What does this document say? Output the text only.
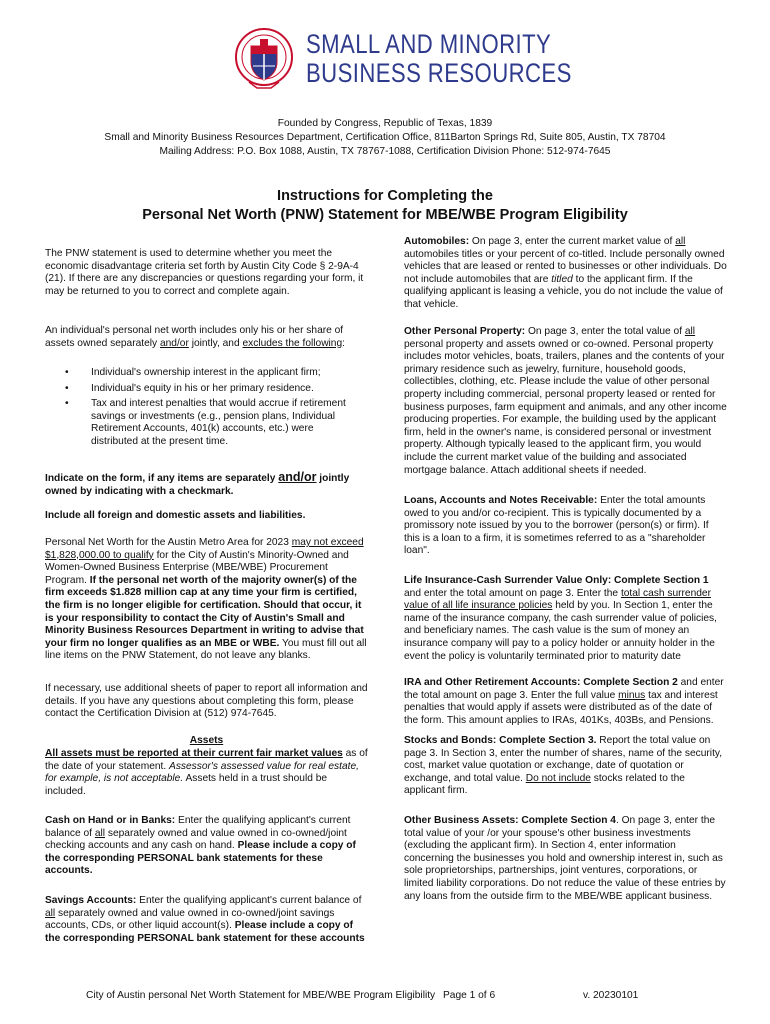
SMALL AND MINORITY
BUSINESS RESOURCES
Founded by Congress, Republic of Texas, 1839
Small and Minority Business Resources Department, Certification Office, 811Barton Springs Rd, Suite 805, Austin, TX 78704
Mailing Address: P.O. Box 1088, Austin, TX 78767-1088, Certification Division Phone: 512-974-7645
Instructions for Completing the
Personal Net Worth (PNW) Statement for MBE/WBE Program Eligibility

The PNW statement is used to determine whether you meet the economic disadvantage criteria set forth by Austin City Code § 2-9A-4 (21). If there are any discrepancies or questions regarding your form, it may be returned to you to correct and complete again.

An individual's personal net worth includes only his or her share of assets owned separately and/or jointly, and excludes the following:

• Individual's ownership interest in the applicant firm;
• Individual's equity in his or her primary residence.
• Tax and interest penalties that would accrue if retirement savings or investments (e.g., pension plans, Individual Retirement Accounts, 401(k) accounts, etc.) were distributed at the present time.

Indicate on the form, if any items are separately and/or jointly owned by indicating with a checkmark.

Include all foreign and domestic assets and liabilities.

Personal Net Worth for the Austin Metro Area for 2023 may not exceed $1,828,000.00 to qualify for the City of Austin's Minority-Owned and Women-Owned Business Enterprise (MBE/WBE) Procurement Program. If the personal net worth of the majority owner(s) of the firm exceeds $1.828 million cap at any time your firm is certified, the firm is no longer eligible for certification. Should that occur, it is your responsibility to contact the City of Austin's Small and Minority Business Resources Department in writing to advise that your firm no longer qualifies as an MBE or WBE. You must fill out all line items on the PNW Statement, do not leave any blanks.

If necessary, use additional sheets of paper to report all information and details. If you have any questions about completing this form, please contact the Certification Division at (512) 974-7645.

Assets

All assets must be reported at their current fair market values as of the date of your statement. Assessor's assessed value for real estate, for example, is not acceptable. Assets held in a trust should be included.

Cash on Hand or in Banks: Enter the qualifying applicant's current balance of all separately owned and value owned in co-owned/joint checking accounts and any cash on hand. Please include a copy of the corresponding PERSONAL bank statements for these accounts.

Savings Accounts: Enter the qualifying applicant's current balance of all separately owned and value owned in co-owned/joint savings accounts, CDs, or other liquid account(s). Please include a copy of the corresponding PERSONAL bank statement for these accounts

Automobiles: On page 3, enter the current market value of all automobiles titles or your percent of co-titled. Include personally owned vehicles that are leased or rented to businesses or other individuals. Do not include automobiles that are titled to the applicant firm. If the qualifying applicant is leasing a vehicle, you do not include the value of that vehicle.

Other Personal Property: On page 3, enter the total value of all personal property and assets owned or co-owned. Personal property includes motor vehicles, boats, trailers, planes and the contents of your primary residence such as jewelry, furniture, household goods, collectibles, clothing, etc. Please include the value of other personal property including commercial, personal property leased or rented for business purposes, farm equipment and animals, and any other income producing properties. For example, the building used by the applicant firm, held in the owner's name, is considered personal or investment property. Although typically leased to the applicant firm, you would include the current market value of the building and associated mortgage balance. Attach additional sheets if needed.

Loans, Accounts and Notes Receivable: Enter the total amounts owed to you and/or co-recipient. This is typically documented by a promissory note issued by you to the borrower (person(s) or firm). If this is a loan to a firm, it is sometimes referred to as a "shareholder loan".

Life Insurance-Cash Surrender Value Only: Complete Section 1 and enter the total amount on page 3. Enter the total cash surrender value of all life insurance policies held by you. In Section 1, enter the name of the insurance company, the cash surrender value of policies, and beneficiary names. The cash value is the sum of money an insurance company will pay to a policy holder or annuity holder in the event the policy is voluntarily terminated prior to maturity date

IRA and Other Retirement Accounts: Complete Section 2 and enter the total amount on page 3. Enter the full value minus tax and interest penalties that would apply if assets were distributed as of the date of the form. This amount applies to IRAs, 401Ks, 403Bs, and Pensions.

Stocks and Bonds: Complete Section 3. Report the total value on page 3. In Section 3, enter the number of shares, name of the security, cost, market value quotation or exchange, date of quotation or exchange, and total value. Do not include stocks related to the applicant firm.

Other Business Assets: Complete Section 4. On page 3, enter the total value of your /or your spouse's other business investments (excluding the applicant firm). In Section 4, enter information concerning the businesses you hold and ownership interest in, such as sole proprietorships, partnerships, joint ventures, corporations, or limited liability corporations. Do not reduce the value of these entries by any loans from the outside firm to the MBE/WBE applicant business.

City of Austin personal Net Worth Statement for MBE/WBE Program Eligibility Page 1 of 6	v. 20230101
